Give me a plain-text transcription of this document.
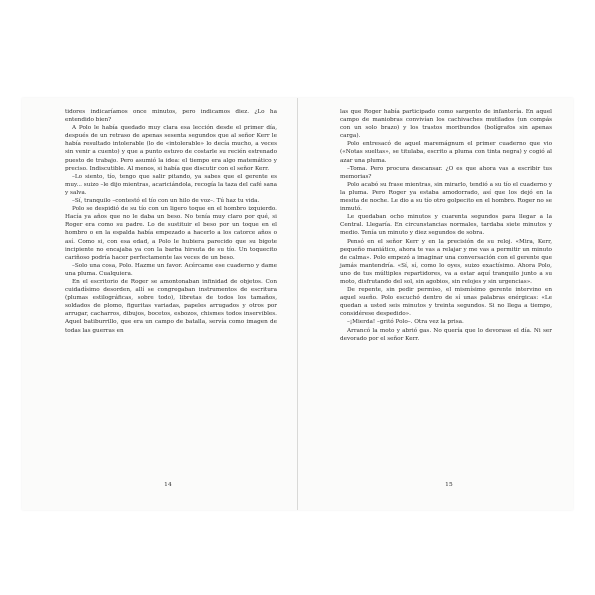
tidores indicaríamos once minutos, pero indicamos diez. ¿Lo ha entendido bien?

A Polo le había quedado muy clara esa lección desde el primer día, después de un retraso de apenas sesenta segundos que al señor Kerr le había resultado intolerable (lo de «intolerable» lo decía mucho, a veces sin venir a cuento) y que a punto estuvo de costarle su recién estrenado puesto de trabajo. Pero asumió la idea: el tiempo era algo matemático y preciso. Indiscutible. Al menos, si había que discutir con el señor Kerr.

–Lo siento, tío, tengo que salir pitando, ya sabes que el gerente es muy... suizo –le dijo mientras, acariciándola, recogía la taza del café sana y salva.

–Sí, tranquilo –contestó el tío con un hilo de voz–. Tú haz tu vida.

Polo se despidió de su tío con un ligero toque en el hombro izquierdo. Hacía ya años que no le daba un beso. No tenía muy claro por qué, si Roger era como su padre. Lo de sustituir el beso por un toque en el hombro o en la espalda había empezado a hacerlo a los catorce años o así. Como si, con esa edad, a Polo le hubiera parecido que su bigote incipiente no encajaba ya con la barba hirsuta de su tío. Un toquecito cariñoso podría hacer perfectamente las veces de un beso.

–Solo una cosa, Polo. Hazme un favor. Acércame ese cuaderno y dame una pluma. Cualquiera.

En el escritorio de Roger se amontonaban infinidad de objetos. Con cuidadísimo desorden, allí se congregaban instrumentos de escritura (plumas estilográficas, sobre todo), libretas de todos los tamaños, soldados de plomo, figuritas variadas, papeles arrugados y otros por arrugar, cacharros, dibujos, bocetos, esbozos, chismes todos inservibles. Aquel batiburrillo, que era un campo de batalla, servía como imagen de todas las guerras en

14

las que Roger había participado como sargento de infantería. En aquel campo de maniobras convivían los cachivaches mutilados (un compás con un solo brazo) y los trastos moribundos (bolígrafos sin apenas carga).

Polo entresacó de aquel maremágnum el primer cuaderno que vio («Notas sueltas», se titulaba, escrito a pluma con tinta negra) y cogió al azar una pluma.

–Toma. Pero procura descansar. ¿O es que ahora vas a escribir tus memorias?

Polo acabó su frase mientras, sin mirarlo, tendió a su tío el cuaderno y la pluma. Pero Roger ya estaba amodorrado, así que los dejó en la mesita de noche. Le dio a su tío otro golpecito en el hombro. Roger no se inmutó.

Le quedaban ocho minutos y cuarenta segundos para llegar a la Central. Llegaría. En circunstancias normales, tardaba siete minutos y medio. Tenía un minuto y diez segundos de sobra.

Pensó en el señor Kerr y en la precisión de su reloj. «Mira, Kerr, pequeño maniático, ahora te vas a relajar y me vas a permitir un minuto de calma». Polo empezó a imaginar una conversación con el gerente que jamás mantendría. «Sí, sí, como lo oyes, suizo exactísimo. Ahora Polo, uno de tus múltiples repartidores, va a estar aquí tranquilo junto a su moto, disfrutando del sol, sin agobios, sin relojes y sin urgencias».

De repente, sin pedir permiso, el mismísimo gerente intervino en aquel sueño. Polo escuchó dentro de sí unas palabras enérgicas: «Le quedan a usted seis minutos y treinta segundos. Si no llega a tiempo, considérese despedido».

–¡Mierda! –gritó Polo–. Otra vez la prisa.

Arrancó la moto y abrió gas. No quería que lo devorase el día. Ni ser devorado por el señor Kerr.

15
